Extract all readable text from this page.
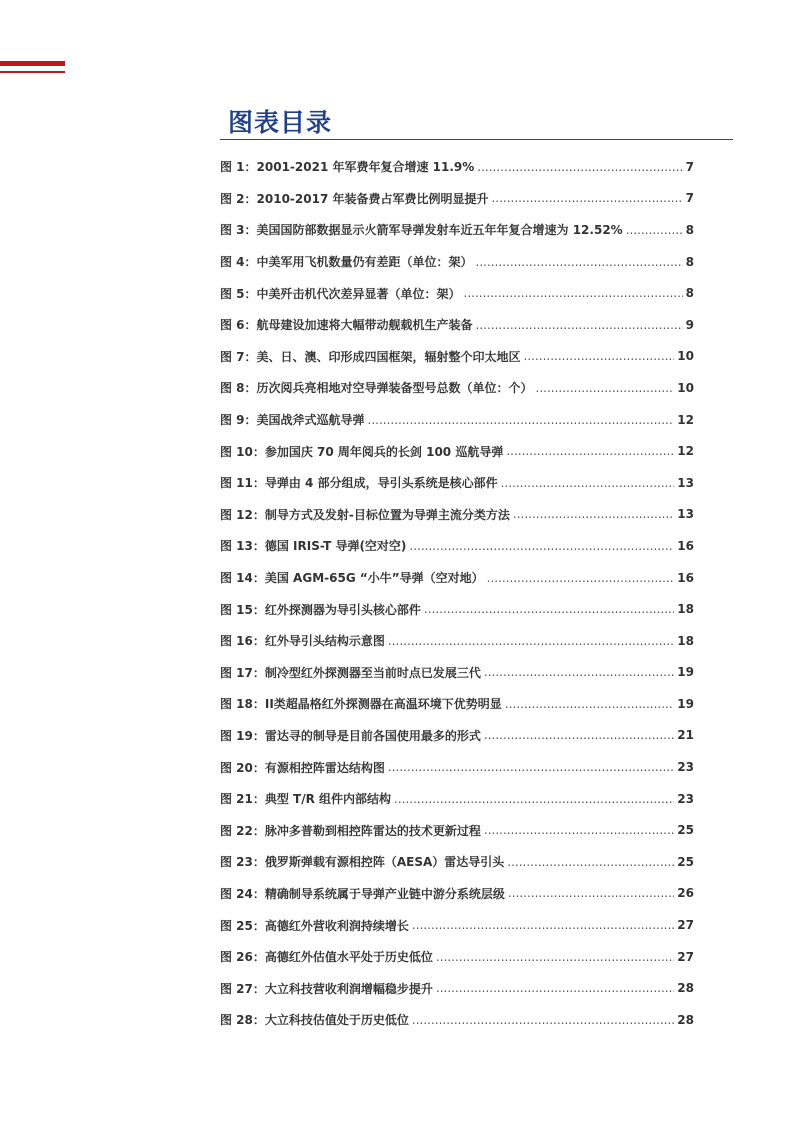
图表目录
图 1：2001-2021 年军费年复合增速 11.9% .....	7
图 2：2010-2017 年装备费占军费比例明显提升 .....	7
图 3：美国国防部数据显示火箭军导弹发射车近五年年复合增速为 12.52% .....	8
图 4：中美军用飞机数量仍有差距（单位：架） .....	8
图 5：中美歼击机代次差异显著（单位：架） .....	8
图 6：航母建设加速将大幅带动舰载机生产装备 .....	9
图 7：美、日、澳、印形成四国框架，辐射整个印太地区 .....	10
图 8：历次阅兵亮相地对空导弹装备型号总数（单位：个） .....	10
图 9：美国战斧式巡航导弹 .....	12
图 10：参加国庆 70 周年阅兵的长剑 100 巡航导弹 .....	12
图 11：导弹由 4 部分组成，导引头系统是核心部件 .....	13
图 12：制导方式及发射-目标位置为导弹主流分类方法 .....	13
图 13：德国 IRIS-T 导弹(空对空) .....	16
图 14：美国 AGM-65G “小牛”导弹（空对地） .....	16
图 15：红外探测器为导引头核心部件 .....	18
图 16：红外导引头结构示意图 .....	18
图 17：制冷型红外探测器至当前时点已发展三代 .....	19
图 18：II类超晶格红外探测器在高温环境下优势明显 .....	19
图 19：雷达寻的制导是目前各国使用最多的形式 .....	21
图 20：有源相控阵雷达结构图 .....	23
图 21：典型 T/R 组件内部结构 .....	23
图 22：脉冲多普勒到相控阵雷达的技术更新过程 .....	25
图 23：俄罗斯弹载有源相控阵（AESA）雷达导引头 .....	25
图 24：精确制导系统属于导弹产业链中游分系统层级 .....	26
图 25：高德红外营收利润持续增长 .....	27
图 26：高德红外估值水平处于历史低位 .....	27
图 27：大立科技营收利润增幅稳步提升 .....	28
图 28：大立科技估值处于历史低位 .....	28
